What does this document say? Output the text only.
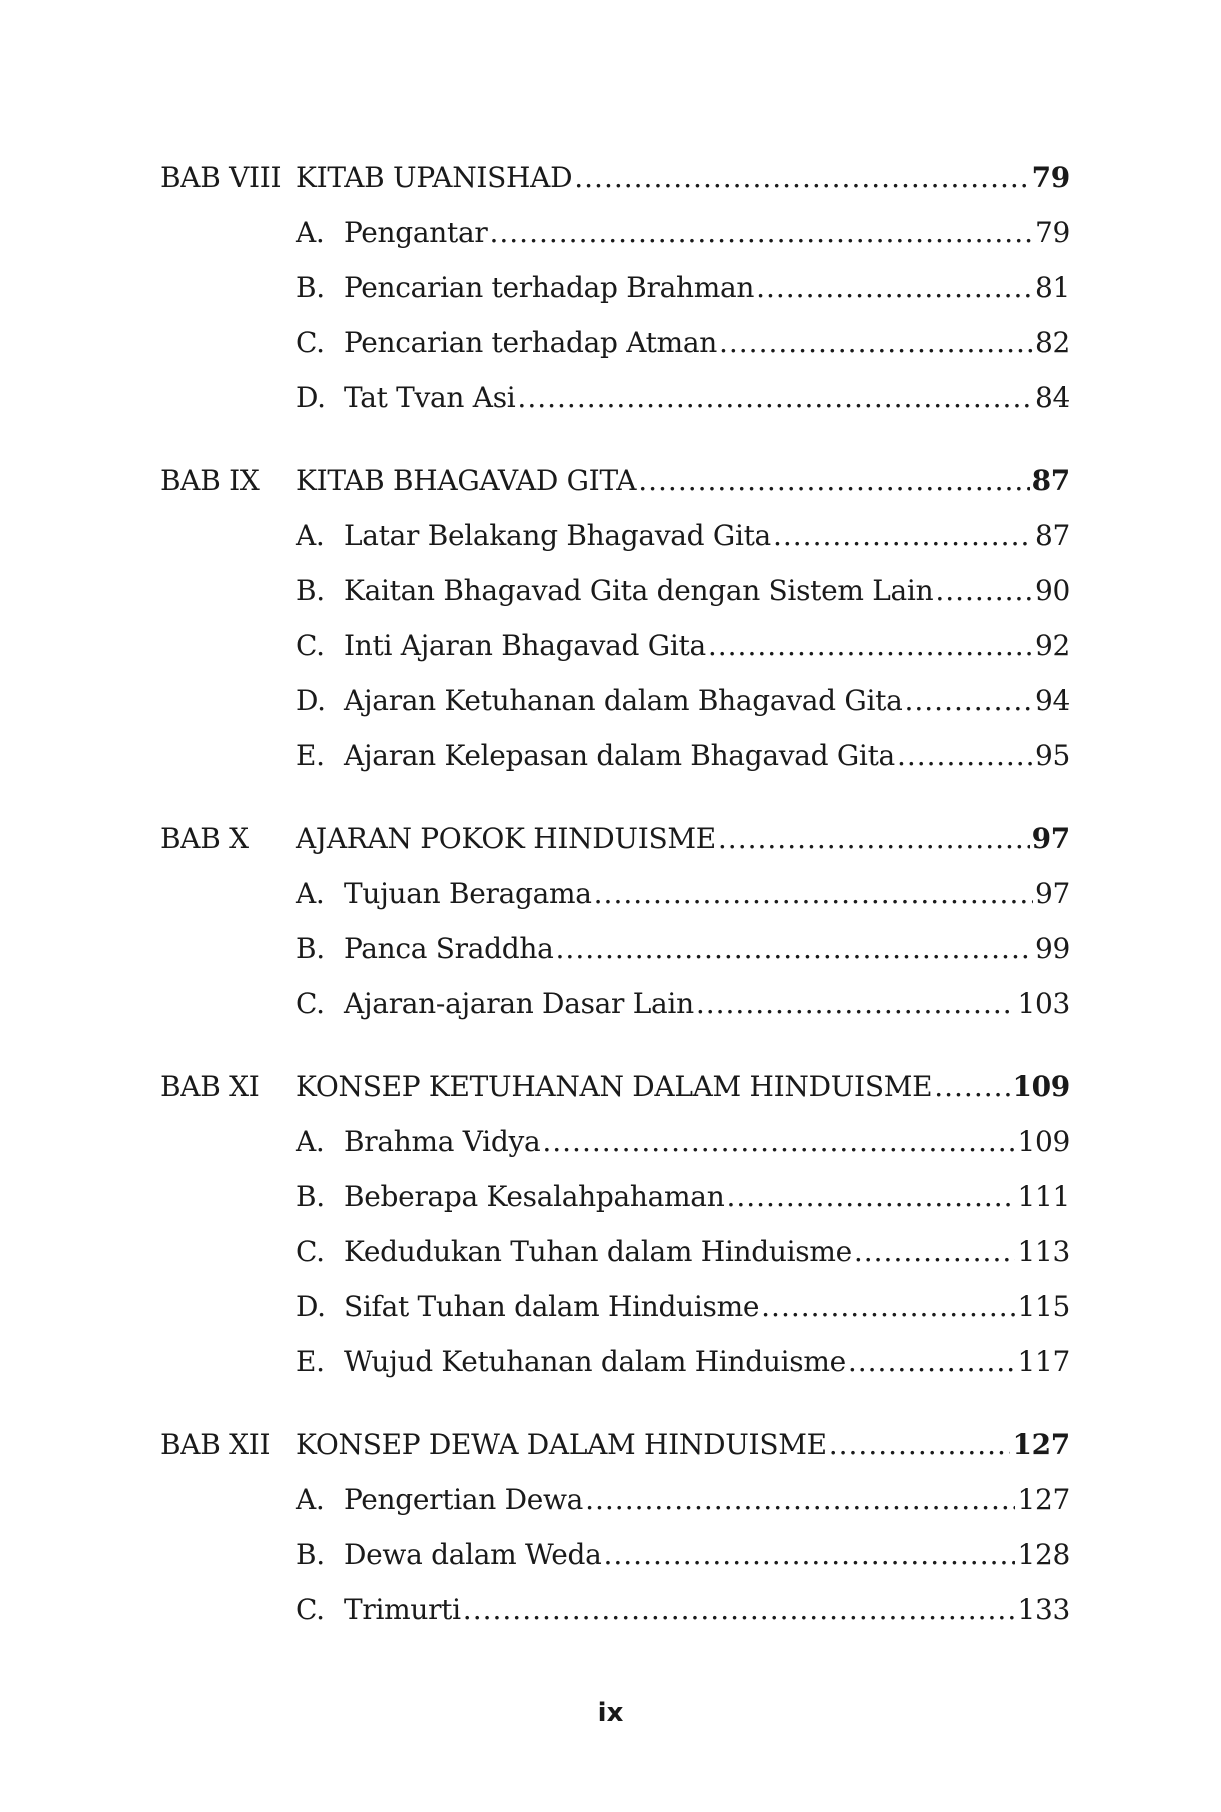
BAB VIII KITAB UPANISHAD .....	79
A. Pengantar .....	79
B. Pencarian terhadap Brahman .....	81
C. Pencarian terhadap Atman .....	82
D. Tat Tvan Asi .....	84
BAB IX	KITAB BHAGAVAD GITA .....	87
A. Latar Belakang Bhagavad Gita .....	87
B. Kaitan Bhagavad Gita dengan Sistem Lain .....	90
C. Inti Ajaran Bhagavad Gita .....	92
D. Ajaran Ketuhanan dalam Bhagavad Gita .....	94
E. Ajaran Kelepasan dalam Bhagavad Gita .....	95
BAB X	AJARAN POKOK HINDUISME .....	97
A. Tujuan Beragama .....	97
B. Panca Sraddha .....	99
C. Ajaran-ajaran Dasar Lain .....	103
BAB XI	KONSEP KETUHANAN DALAM HINDUISME .....	109
A. Brahma Vidya .....	109
B. Beberapa Kesalahpahaman .....	111
C. Kedudukan Tuhan dalam Hinduisme .....	113
D. Sifat Tuhan dalam Hinduisme .....	115
E. Wujud Ketuhanan dalam Hinduisme .....	117
BAB XII KONSEP DEWA DALAM HINDUISME .....	127
A. Pengertian Dewa .....	127
B. Dewa dalam Weda .....	128
C. Trimurti .....	133
ix
